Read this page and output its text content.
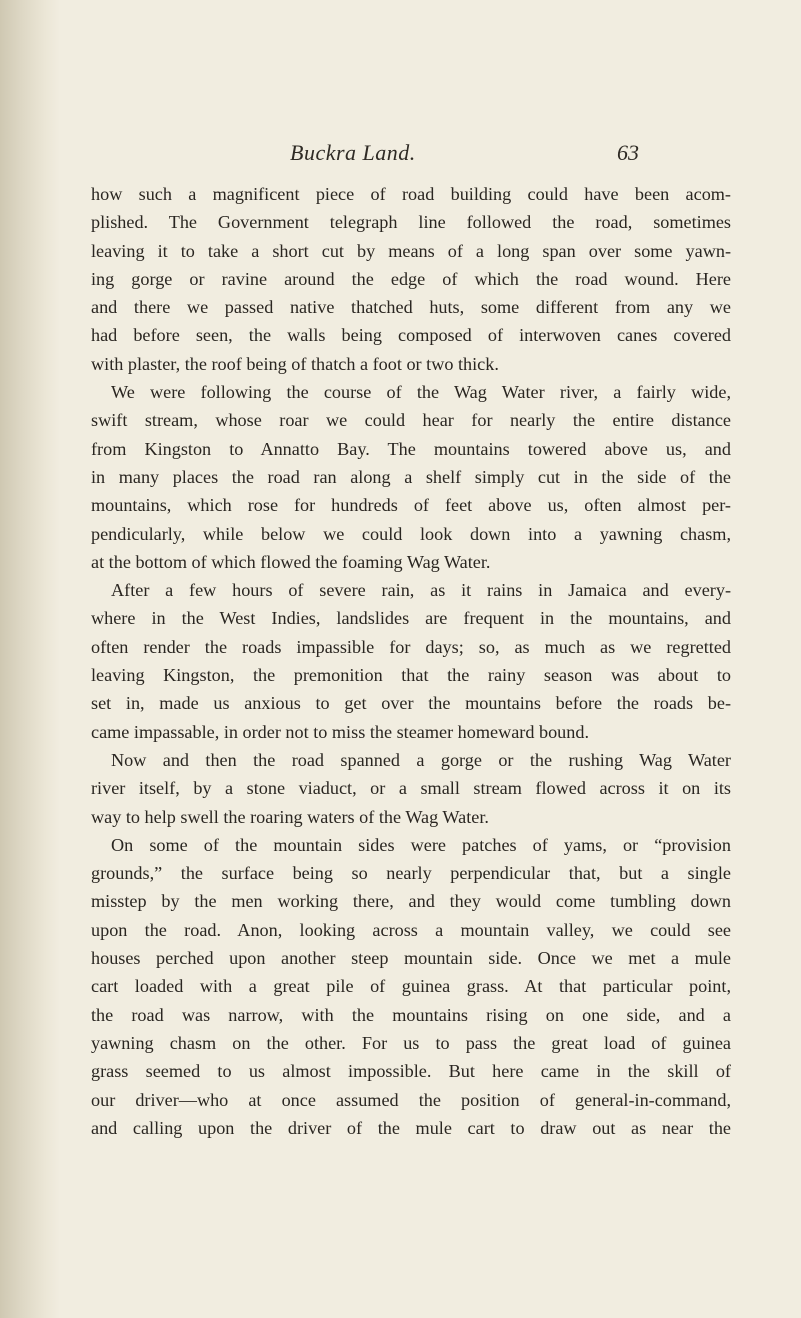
Buckra Land.	63
how such a magnificent piece of road building could have been acom-
plished. The Government telegraph line followed the road, sometimes
leaving it to take a short cut by means of a long span over some yawn-
ing gorge or ravine around the edge of which the road wound. Here
and there we passed native thatched huts, some different from any we
had before seen, the walls being composed of interwoven canes covered
with plaster, the roof being of thatch a foot or two thick.
We were following the course of the Wag Water river, a fairly wide,
swift stream, whose roar we could hear for nearly the entire distance
from Kingston to Annatto Bay. The mountains towered above us, and
in many places the road ran along a shelf simply cut in the side of the
mountains, which rose for hundreds of feet above us, often almost per-
pendicularly, while below we could look down into a yawning chasm,
at the bottom of which flowed the foaming Wag Water.
After a few hours of severe rain, as it rains in Jamaica and every-
where in the West Indies, landslides are frequent in the mountains, and
often render the roads impassible for days; so, as much as we regretted
leaving Kingston, the premonition that the rainy season was about to
set in, made us anxious to get over the mountains before the roads be-
came impassable, in order not to miss the steamer homeward bound.
Now and then the road spanned a gorge or the rushing Wag Water
river itself, by a stone viaduct, or a small stream flowed across it on its
way to help swell the roaring waters of the Wag Water.
On some of the mountain sides were patches of yams, or “provision
grounds,” the surface being so nearly perpendicular that, but a single
misstep by the men working there, and they would come tumbling down
upon the road. Anon, looking across a mountain valley, we could see
houses perched upon another steep mountain side. Once we met a mule
cart loaded with a great pile of guinea grass. At that particular point,
the road was narrow, with the mountains rising on one side, and a
yawning chasm on the other. For us to pass the great load of guinea
grass seemed to us almost impossible. But here came in the skill of
our driver—who at once assumed the position of general-in-command,
and calling upon the driver of the mule cart to draw out as near the
